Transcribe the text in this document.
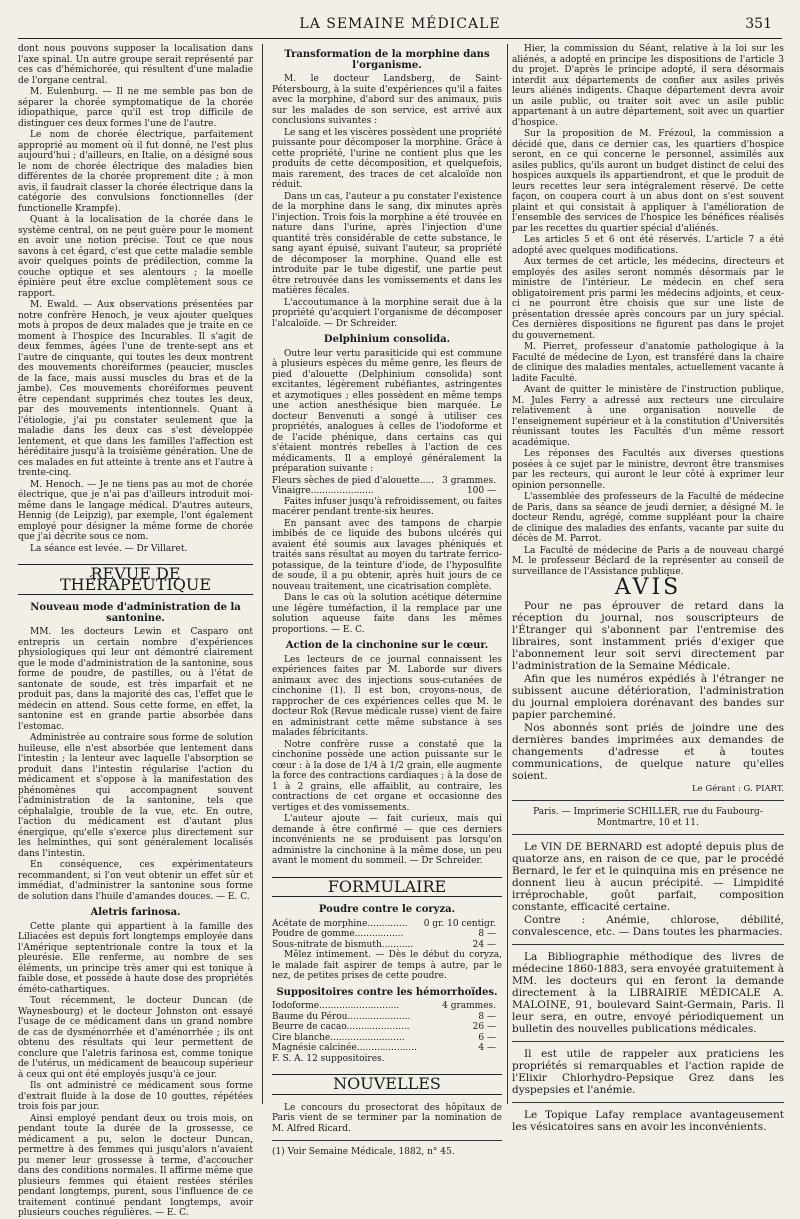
LA SEMAINE MÉDICALE	351

dont nous pouvons supposer la localisation dans l'axe spinal. Un autre groupe serait représenté par ces cas d'hémichorée, qui résultent d'une maladie de l'organe central.

M. Eulenburg. — Il ne me semble pas bon de séparer la chorée symptomatique de la chorée idiopathique, parce qu'il est trop difficile de distinguer ces deux formes l'une de l'autre.

Le nom de chorée électrique, parfaitement approprié au moment où il fut donné, ne l'est plus aujourd'hui ; d'ailleurs, en Italie, on a désigné sous le nom de chorée électrique des maladies bien différentes de la chorée proprement dite ; à mon avis, il faudrait classer la chorée électrique dans la catégorie des convulsions fonctionnelles (der functionelle Krampfe).

Quant à la localisation de la chorée dans le système central, on ne peut guère pour le moment en avoir une notion précise. Tout ce que nous savons à cet égard, c'est que cette maladie semble avoir quelques points de prédilection, comme la couche optique et ses alentours ; la moelle épinière peut être exclue complètement sous ce rapport.

M. Ewald. — Aux observations présentées par notre confrère Henoch, je veux ajouter quelques mots à propos de deux malades que je traite en ce moment à l'hospice des Incurables. Il s'agit de deux femmes, âgées l'une de trente-sept ans et l'autre de cinquante, qui toutes les deux montrent des mouvements choréiformes (peaucier, muscles de la face, mais aussi muscles du bras et de la jambe). Ces mouvements choréiformes peuvent être cependant supprimés chez toutes les deux, par des mouvements intentionnels. Quant à l'étiologie, j'ai pu constater seulement que la maladie dans les deux cas s'est développée lentement, et que dans les familles l'affection est héréditaire jusqu'à la troisième génération. Une de ces malades en fut atteinte à trente ans et l'autre à trente-cinq.

M. Henoch. — Je ne tiens pas au mot de chorée électrique, que je n'ai pas d'ailleurs introduit moi-même dans le langage médical. D'autres auteurs, Hennig (de Leipzig), par exemple, l'ont également employé pour désigner la même forme de chorée que j'ai décrite sous ce nom.

La séance est levée. — Dr Villaret.

REVUE DE THÉRAPEUTIQUE
Nouveau mode d'administration de la santonine.

MM. les docteurs Lewin et Casparo ont entrepris un certain nombre d'expériences physiologiques qui leur ont démontré clairement que le mode d'administration de la santonine, sous forme de poudre, de pastilles, ou à l'état de santonate de soude, est très imparfait et ne produit pas, dans la majorité des cas, l'effet que le médecin en attend. Sous cette forme, en effet, la santonine est en grande partie absorbée dans l'estomac.

Administrée au contraire sous forme de solution huileuse, elle n'est absorbée que lentement dans l'intestin ; la lenteur avec laquelle l'absorption se produit dans l'intestin régularise l'action du médicament et s'oppose à la manifestation des phénomènes qui accompagnent souvent l'administration de la santonine, tels que céphalalgie, trouble de la vue, etc. En outre, l'action du médicament est d'autant plus énergique, qu'elle s'exerce plus directement sur les helminthes, qui sont généralement localisés dans l'intestin.

En conséquence, ces expérimentateurs recommandent, si l'on veut obtenir un effet sûr et immédiat, d'administrer la santonine sous forme de solution dans l'huile d'amandes douces. — E. C.

Aletris farinosa.

Cette plante qui appartient à la famille des Liliacées est depuis fort longtemps employée dans l'Amérique septentrionale contre la toux et la pleurésie. Elle renferme, au nombre de ses éléments, un principe très amer qui est tonique à faible dose, et possède à haute dose des propriétés éméto-cathartiques.

Tout récemment, le docteur Duncan (de Waynesbourg) et le docteur Johnston ont essayé l'usage de ce médicament dans un grand nombre de cas de dysménorrhée et d'aménorrhée ; ils ont obtenu des résultats qui leur permettent de conclure que l'aletris farinosa est, comme tonique de l'utérus, un médicament de beaucoup supérieur à ceux qui ont été employés jusqu'à ce jour.

Ils ont administré ce médicament sous forme d'extrait fluide à la dose de 10 gouttes, répétées trois fois par jour.

Ainsi employé pendant deux ou trois mois, on pendant toute la durée de la grossesse, ce médicament a pu, selon le docteur Duncan, permettre à des femmes qui jusqu'alors n'avaient pu mener leur grossesse à terme, d'accoucher dans des conditions normales. Il affirme même que plusieurs femmes qui étaient restées stériles pendant longtemps, purent, sous l'influence de ce traitement continué pendant longtemps, avoir plusieurs couches régulières. — E. C.

Transformation de la morphine dans l'organisme.

M. le docteur Landsberg, de Saint-Pétersbourg, à la suite d'expériences qu'il a faites avec la morphine, d'abord sur des animaux, puis sur les malades de son service, est arrivé aux conclusions suivantes :

Le sang et les viscères possèdent une propriété puissante pour décomposer la morphine. Grâce à cette propriété, l'urine ne contient plus que les produits de cette décomposition, et quelquefois, mais rarement, des traces de cet alcaloïde non réduit.

Dans un cas, l'auteur a pu constater l'existence de la morphine dans le sang, dix minutes après l'injection. Trois fois la morphine a été trouvée en nature dans l'urine, après l'injection d'une quantité très considérable de cette substance, le sang ayant épuisé, suivant l'auteur, sa propriété de décomposer la morphine. Quand elle est introduite par le tube digestif, une partie peut être retrouvée dans les vomissements et dans les matières fécales.

L'accoutumance à la morphine serait due à la propriété qu'acquiert l'organisme de décomposer l'alcaloïde. — Dr Schreider.

Delphinium consolida.

Outre leur vertu parasiticide qui est commune à plusieurs espèces du même genre, les fleurs de pied d'alouette (Delphinium consolida) sont excitantes, légèrement rubéfiantes, astringentes et azymotiques ; elles possèdent en même temps une action anesthésique bien marquée. Le docteur Benvenuti a songé à utiliser ces propriétés, analogues à celles de l'iodoforme et de l'acide phénique, dans certains cas qui s'étaient montrés rebelles à l'action de ces médicaments. Il a employé généralement la préparation suivante :

Fleurs sèches de pied d'alouette.....	3 grammes.
Vinaigre......................	100 —

Faites infuser jusqu'à refroidissement, ou faites macérer pendant trente-six heures.

En pansant avec des tampons de charpie imbibés de ce liquide des bubons ulcérés qui avaient été soumis aux lavages phéniqués et traités sans résultat au moyen du tartrate ferrico-potassique, de la teinture d'iode, de l'hyposulfite de soude, il a pu obtenir, après huit jours de ce nouveau traitement, une cicatrisation complète.

Dans le cas où la solution acétique détermine une légère tuméfaction, il la remplace par une solution aqueuse faite dans les mêmes proportions. — E. C.

Action de la cinchonine sur le cœur.

Les lecteurs de ce journal connaissent les expériences faites par M. Laborde sur divers animaux avec des injections sous-cutanées de cinchonine (1). Il est bon, croyons-nous, de rapprocher de ces expériences celles que M. le docteur Rok (Revue médicale russe) vient de faire en administrant cette même substance à ses malades fébricitants.

Notre confrère russe a constaté que la cinchonine possède une action puissante sur le cœur : à la dose de 1/4 à 1/2 grain, elle augmente la force des contractions cardiaques ; à la dose de 1 à 2 grains, elle affaiblit, au contraire, les contractions de cet organe et occasionne des vertiges et des vomissements.

L'auteur ajoute — fait curieux, mais qui demande à être confirmé — que ces derniers inconvénients ne se produisent pas lorsqu'on administre la cinchonine à la même dose, un peu avant le moment du sommeil. — Dr Schreider.

FORMULAIRE
Poudre contre le coryza.
Acétate de morphine..............	0 gr. 10 centigr.
Poudre de gomme.................	8 —
Sous-nitrate de bismuth...........	24 —

Mêlez intimement. — Dès le début du coryza, le malade fait aspirer de temps à autre, par le nez, de petites prises de cette poudre.

Suppositoires contre les hémorrhoïdes.
Iodoforme............................	4 grammes.
Baume du Pérou......................	8 —
Beurre de cacao......................	26 —
Cire blanche..........................	6 —
Magnésie calcinée.....................	4 —

F. S. A. 12 suppositoires.

NOUVELLES

Le concours du prosectorat des hôpitaux de Paris vient de se terminer par la nomination de M. Alfred Ricard.

(1) Voir Semaine Médicale, 1882, n° 45.

Hier, la commission du Séant, relative à la loi sur les aliénés, a adopté en principe les dispositions de l'article 3 du projet. D'après le principe adopté, il sera désormais interdit aux départements de confier aux asiles privés leurs aliénés indigents. Chaque département devra avoir un asile public, ou traiter soit avec un asile public appartenant à un autre département, soit avec un quartier d'hospice.

Sur la proposition de M. Frézoul, la commission a décidé que, dans ce dernier cas, les quartiers d'hospice seront, en ce qui concerne le personnel, assimilés aux asiles publics, qu'ils auront un budget distinct de celui des hospices auxquels ils appartiendront, et que le produit de leurs recettes leur sera intégralement réservé. De cette façon, on coupera court à un abus dont on s'est souvent plaint et qui consistait à appliquer à l'amélioration de l'ensemble des services de l'hospice les bénéfices réalisés par les recettes du quartier spécial d'aliénés.

Les articles 5 et 6 ont été réservés. L'article 7 a été adopté avec quelques modifications.

Aux termes de cet article, les médecins, directeurs et employés des asiles seront nommés désormais par le ministre de l'intérieur. Le médecin en chef sera obligatoirement pris parmi les médecins adjoints, et ceux-ci ne pourront être choisis que sur une liste de présentation dressée après concours par un jury spécial. Ces dernières dispositions ne figurent pas dans le projet du gouvernement.

M. Pierret, professeur d'anatomie pathologique à la Faculté de médecine de Lyon, est transféré dans la chaire de clinique des maladies mentales, actuellement vacante à ladite Faculté.

Avant de quitter le ministère de l'instruction publique, M. Jules Ferry a adressé aux recteurs une circulaire relativement à une organisation nouvelle de l'enseignement supérieur et à la constitution d'Universités réunissant toutes les Facultés d'un même ressort académique.

Les réponses des Facultés aux diverses questions posées à ce sujet par le ministre, devront être transmises par les recteurs, qui auront le leur côté à exprimer leur opinion personnelle.

L'assemblée des professeurs de la Faculté de médecine de Paris, dans sa séance de jeudi dernier, a désigné M. le docteur Rendu, agrégé, comme suppléant pour la chaire de clinique des maladies des enfants, vacante par suite du décès de M. Parrot.

La Faculté de médecine de Paris a de nouveau chargé M. le professeur Béclard de la représenter au conseil de surveillance de l'Assistance publique.

AVIS

Pour ne pas éprouver de retard dans la réception du journal, nos souscripteurs de l'Étranger qui s'abonnent par l'entremise des libraires, sont instamment priés d'exiger que l'abonnement leur soit servi directement par l'administration de la Semaine Médicale.

Afin que les numéros expédiés à l'étranger ne subissent aucune détérioration, l'administration du journal emploiera dorénavant des bandes sur papier parcheminé.

Nos abonnés sont priés de joindre une des dernières bandes imprimées aux demandes de changements d'adresse et à toutes communications, de quelque nature qu'elles soient.

Le Gérant : G. PIART.

Paris. — Imprimerie SCHILLER, rue du Faubourg-Montmartre, 10 et 11.

Le VIN DE BERNARD est adopté depuis plus de quatorze ans, en raison de ce que, par le procédé Bernard, le fer et le quinquina mis en présence ne donnent lieu à aucun précipité. — Limpidité irréprochable, goût parfait, composition constante, efficacité certaine.

Contre : Anémie, chlorose, débilité, convalescence, etc. — Dans toutes les pharmacies.

La Bibliographie méthodique des livres de médecine 1860-1883, sera envoyée gratuitement à MM. les docteurs qui en feront la demande directement à la LIBRAIRIE MÉDICALE A. MALOINE, 91, boulevard Saint-Germain, Paris. Il leur sera, en outre, envoyé périodiquement un bulletin des nouvelles publications médicales.

Il est utile de rappeler aux praticiens les propriétés si remarquables et l'action rapide de l'Elixir Chlorhydro-Pepsique Grez dans les dyspepsies et l'anémie.

Le Topique Lafay remplace avantageusement les vésicatoires sans en avoir les inconvénients.
